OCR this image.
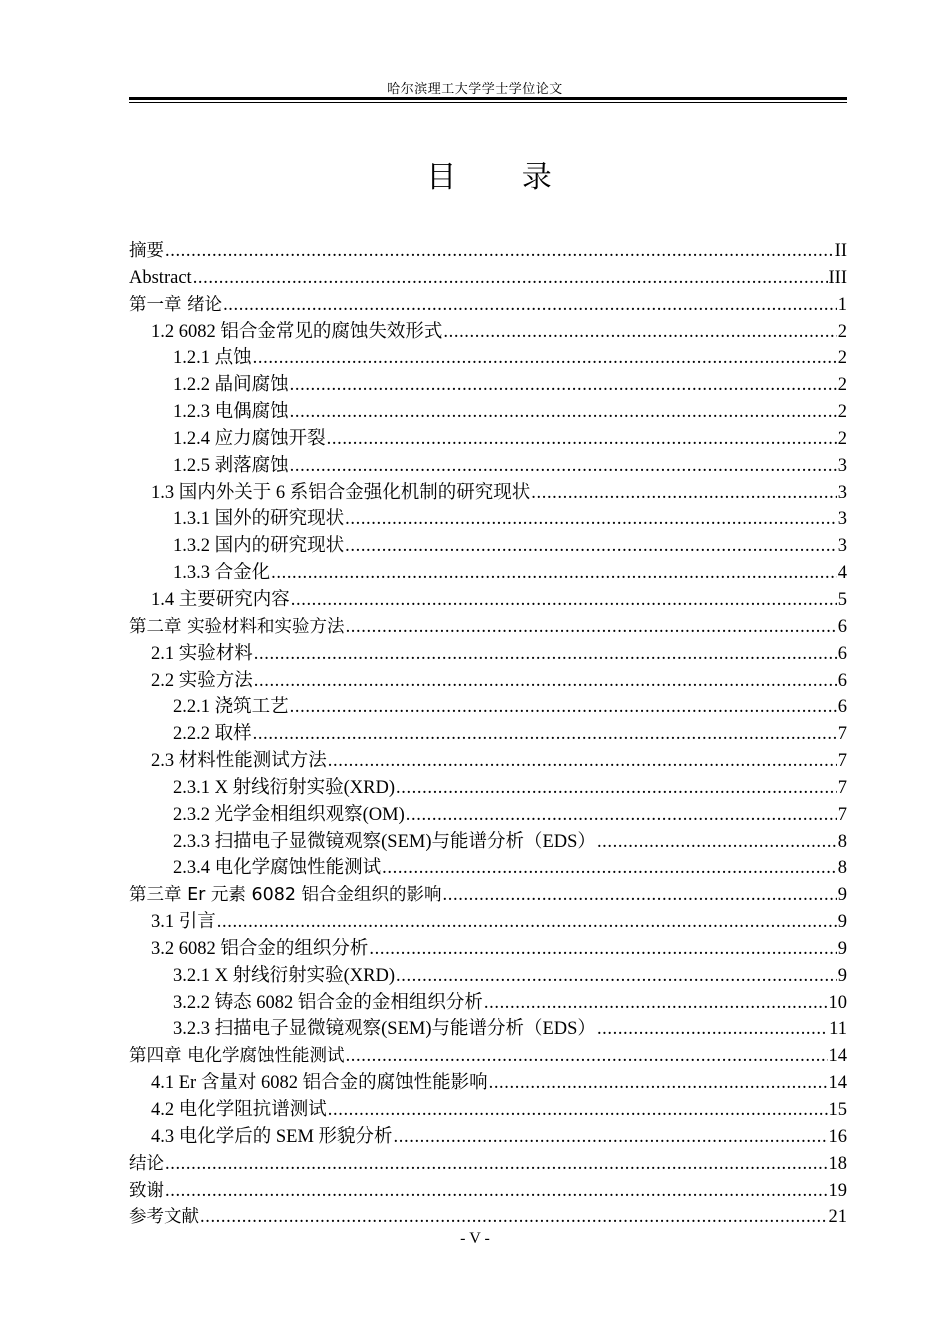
哈尔滨理工大学学士学位论文
目 录
摘要 .....	II
Abstract .....	III
第一章 绪论 .....	1
1.2 6082 铝合金常见的腐蚀失效形式 .....	2
1.2.1 点蚀 .....	2
1.2.2 晶间腐蚀 .....	2
1.2.3 电偶腐蚀 .....	2
1.2.4 应力腐蚀开裂 .....	2
1.2.5 剥落腐蚀 .....	3
1.3 国内外关于 6 系铝合金强化机制的研究现状 .....	3
1.3.1 国外的研究现状 .....	3
1.3.2 国内的研究现状 .....	3
1.3.3 合金化 .....	4
1.4 主要研究内容 .....	5
第二章 实验材料和实验方法 .....	6
2.1 实验材料 .....	6
2.2 实验方法 .....	6
2.2.1 浇筑工艺 .....	6
2.2.2 取样 .....	7
2.3 材料性能测试方法 .....	7
2.3.1 X 射线衍射实验(XRD) .....	7
2.3.2 光学金相组织观察(OM) .....	7
2.3.3 扫描电子显微镜观察(SEM)与能谱分析（EDS） .....	8
2.3.4 电化学腐蚀性能测试 .....	8
第三章 Er 元素 6082 铝合金组织的影响 .....	9
3.1 引言 .....	9
3.2 6082 铝合金的组织分析 .....	9
3.2.1 X 射线衍射实验(XRD) .....	9
3.2.2 铸态 6082 铝合金的金相组织分析 .....	10
3.2.3 扫描电子显微镜观察(SEM)与能谱分析（EDS） .....	11
第四章 电化学腐蚀性能测试 .....	14
4.1 Er 含量对 6082 铝合金的腐蚀性能影响 .....	14
4.2 电化学阻抗谱测试 .....	15
4.3 电化学后的 SEM 形貌分析 .....	16
结论 .....	18
致谢 .....	19
参考文献 .....	21
- V -
